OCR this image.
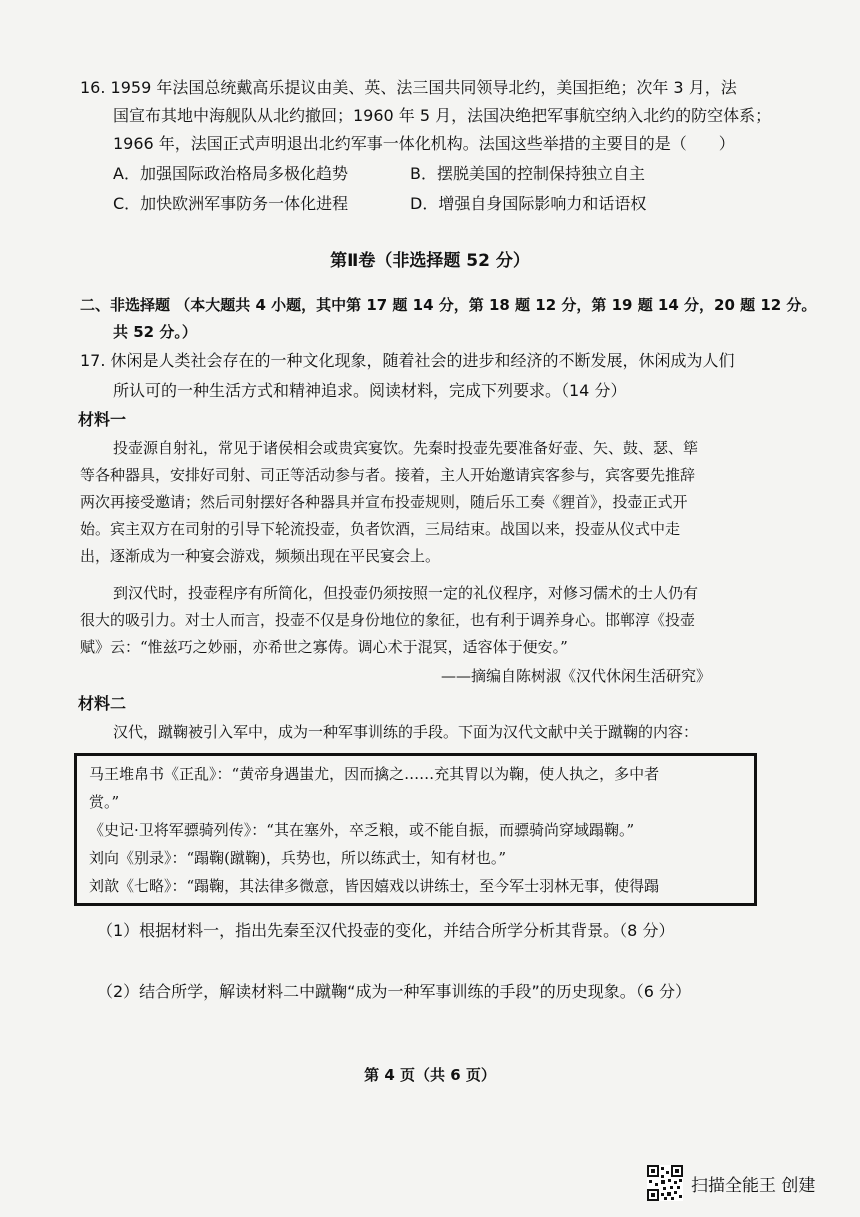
16. 1959 年法国总统戴高乐提议由美、英、法三国共同领导北约，美国拒绝；次年 3 月，法
国宣布其地中海舰队从北约撤回；1960 年 5 月，法国决绝把军事航空纳入北约的防空体系；
1966 年，法国正式声明退出北约军事一体化机构。法国这些举措的主要目的是（　　）
A．加强国际政治格局多极化趋势	B．摆脱美国的控制保持独立自主
C．加快欧洲军事防务一体化进程	D．增强自身国际影响力和话语权
第Ⅱ卷（非选择题 52 分）
二、非选择题 （本大题共 4 小题，其中第 17 题 14 分，第 18 题 12 分，第 19 题 14 分，20 题 12 分。
共 52 分。）
17. 休闲是人类社会存在的一种文化现象，随着社会的进步和经济的不断发展，休闲成为人们
所认可的一种生活方式和精神追求。阅读材料，完成下列要求。（14 分）
材料一
投壶源自射礼，常见于诸侯相会或贵宾宴饮。先秦时投壶先要准备好壶、矢、鼓、瑟、筚
等各种器具，安排好司射、司正等活动参与者。接着，主人开始邀请宾客参与，宾客要先推辞
两次再接受邀请；然后司射摆好各种器具并宣布投壶规则，随后乐工奏《貍首》，投壶正式开
始。宾主双方在司射的引导下轮流投壶，负者饮酒，三局结束。战国以来，投壶从仪式中走
出，逐渐成为一种宴会游戏，频频出现在平民宴会上。
到汉代时，投壶程序有所简化，但投壶仍须按照一定的礼仪程序，对修习儒术的士人仍有
很大的吸引力。对士人而言，投壶不仅是身份地位的象征，也有利于调养身心。邯郸淳《投壶
赋》云：“惟兹巧之妙丽，亦希世之寡俦。调心术于混冥，适容体于便安。”
——摘编自陈树淑《汉代休闲生活研究》
材料二
汉代，蹴鞠被引入军中，成为一种军事训练的手段。下面为汉代文献中关于蹴鞠的内容：
马王堆帛书《正乱》：“黄帝身遇蚩尤，因而擒之……充其胃以为鞠，使人执之，多中者
赏。”
《史记·卫将军骠骑列传》：“其在塞外，卒乏粮，或不能自振，而骠骑尚穿域蹋鞠。”
刘向《别录》：“蹋鞠(蹴鞠)，兵势也，所以练武士，知有材也。”
刘歆《七略》：“蹋鞠，其法律多微意，皆因嬉戏以讲练士，至今军士羽林无事，使得蹋
（1）根据材料一，指出先秦至汉代投壶的变化，并结合所学分析其背景。（8 分）
（2）结合所学，解读材料二中蹴鞠“成为一种军事训练的手段”的历史现象。（6 分）
第 4 页（共 6 页）
扫描全能王 创建
